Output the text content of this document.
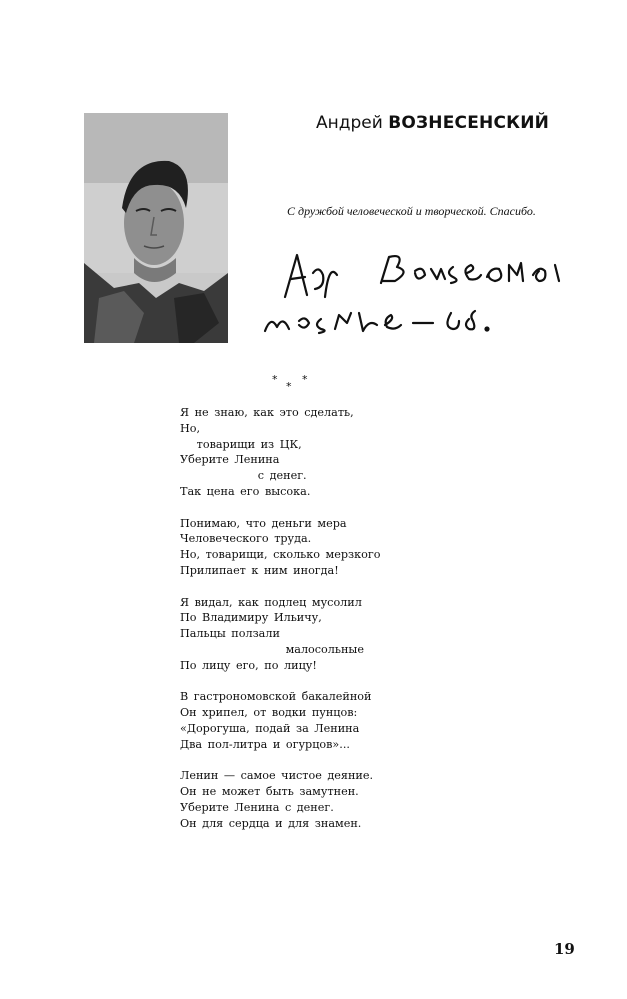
Андрей ВОЗНЕСЕНСКИЙ
С дружбой человеческой и творческой. Спасибо.
*
*
*
Я не знаю, как это сделать,
Но,
товарищи из ЦК,
Уберите Ленина
с денег.
Так цена его высока.
Понимаю, что деньги мера
Человеческого труда.
Но, товарищи, сколько мерзкого
Прилипает к ним иногда!
Я видал, как подлец мусолил
По Владимиру Ильичу,
Пальцы ползали
малосольные
По лицу его, по лицу!
В гастрономовской бакалейной
Он хрипел, от водки пунцов:
«Дорогуша, подай за Ленина
Два пол-литра и огурцов»...
Ленин — самое чистое деяние.
Он не может быть замутнен.
Уберите Ленина с денег.
Он для сердца и для знамен.
19
